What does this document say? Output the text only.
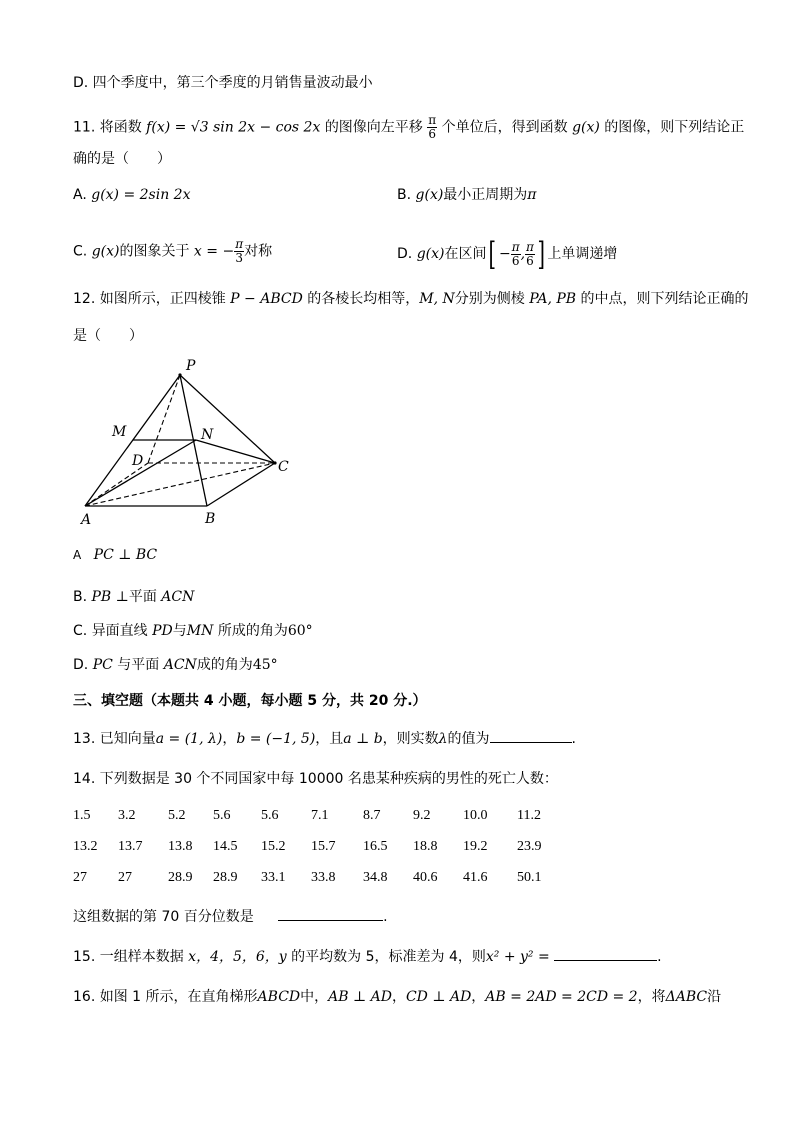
D. 四个季度中，第三个季度的月销售量波动最小
11. 将函数 f(x) = √3 sin 2x − cos 2x 的图像向左平移 $\frac{\pi}{6}$ 个单位后，得到函数 g(x) 的图像，则下列结论正
确的是（　　）
A. g(x) = 2sin 2x	B. g(x)最小正周期为π
C. g(x)的图象关于 x = − $\frac{\pi}{3}$ 对称	D. g(x)在区间[ − $\frac{\pi}{6}$ , $\frac{\pi}{6}$ ] 上单调递增
12. 如图所示，正四棱锥 P − ABCD 的各棱长均相等，M, N分别为侧棱 PA, PB 的中点，则下列结论正确的
是（　　）
P
M	N
D	C
A	B
A PC ⊥ BC
B. PB ⊥平面 ACN
C. 异面直线 PD与MN 所成的角为60°
D. PC 与平面 ACN成的角为45°
三、填空题（本题共 4 小题，每小题 5 分，共 20 分.）
13. 已知向量a = (1, λ)，b = (−1, 5)，且a ⊥ b，则实数λ的值为	.
14. 下列数据是 30 个不同国家中每 10000 名患某种疾病的男性的死亡人数：
1.5 3.2 5.2 5.6 5.6 7.1 8.7 9.2 10.0 11.2
13.2 13.7 13.8 14.5 15.2 15.7 16.5 18.8 19.2 23.9
27 27	28.9 28.9 33.1 33.8 34.8 40.6 41.6 50.1
这组数据的第 70 百分位数是	.
15. 一组样本数据 x，4，5，6，y 的平均数为 5，标准差为 4，则x² + y² =	.
16. 如图 1 所示，在直角梯形ABCD中，AB ⊥ AD，CD ⊥ AD，AB = 2AD = 2CD = 2，将ΔABC沿
